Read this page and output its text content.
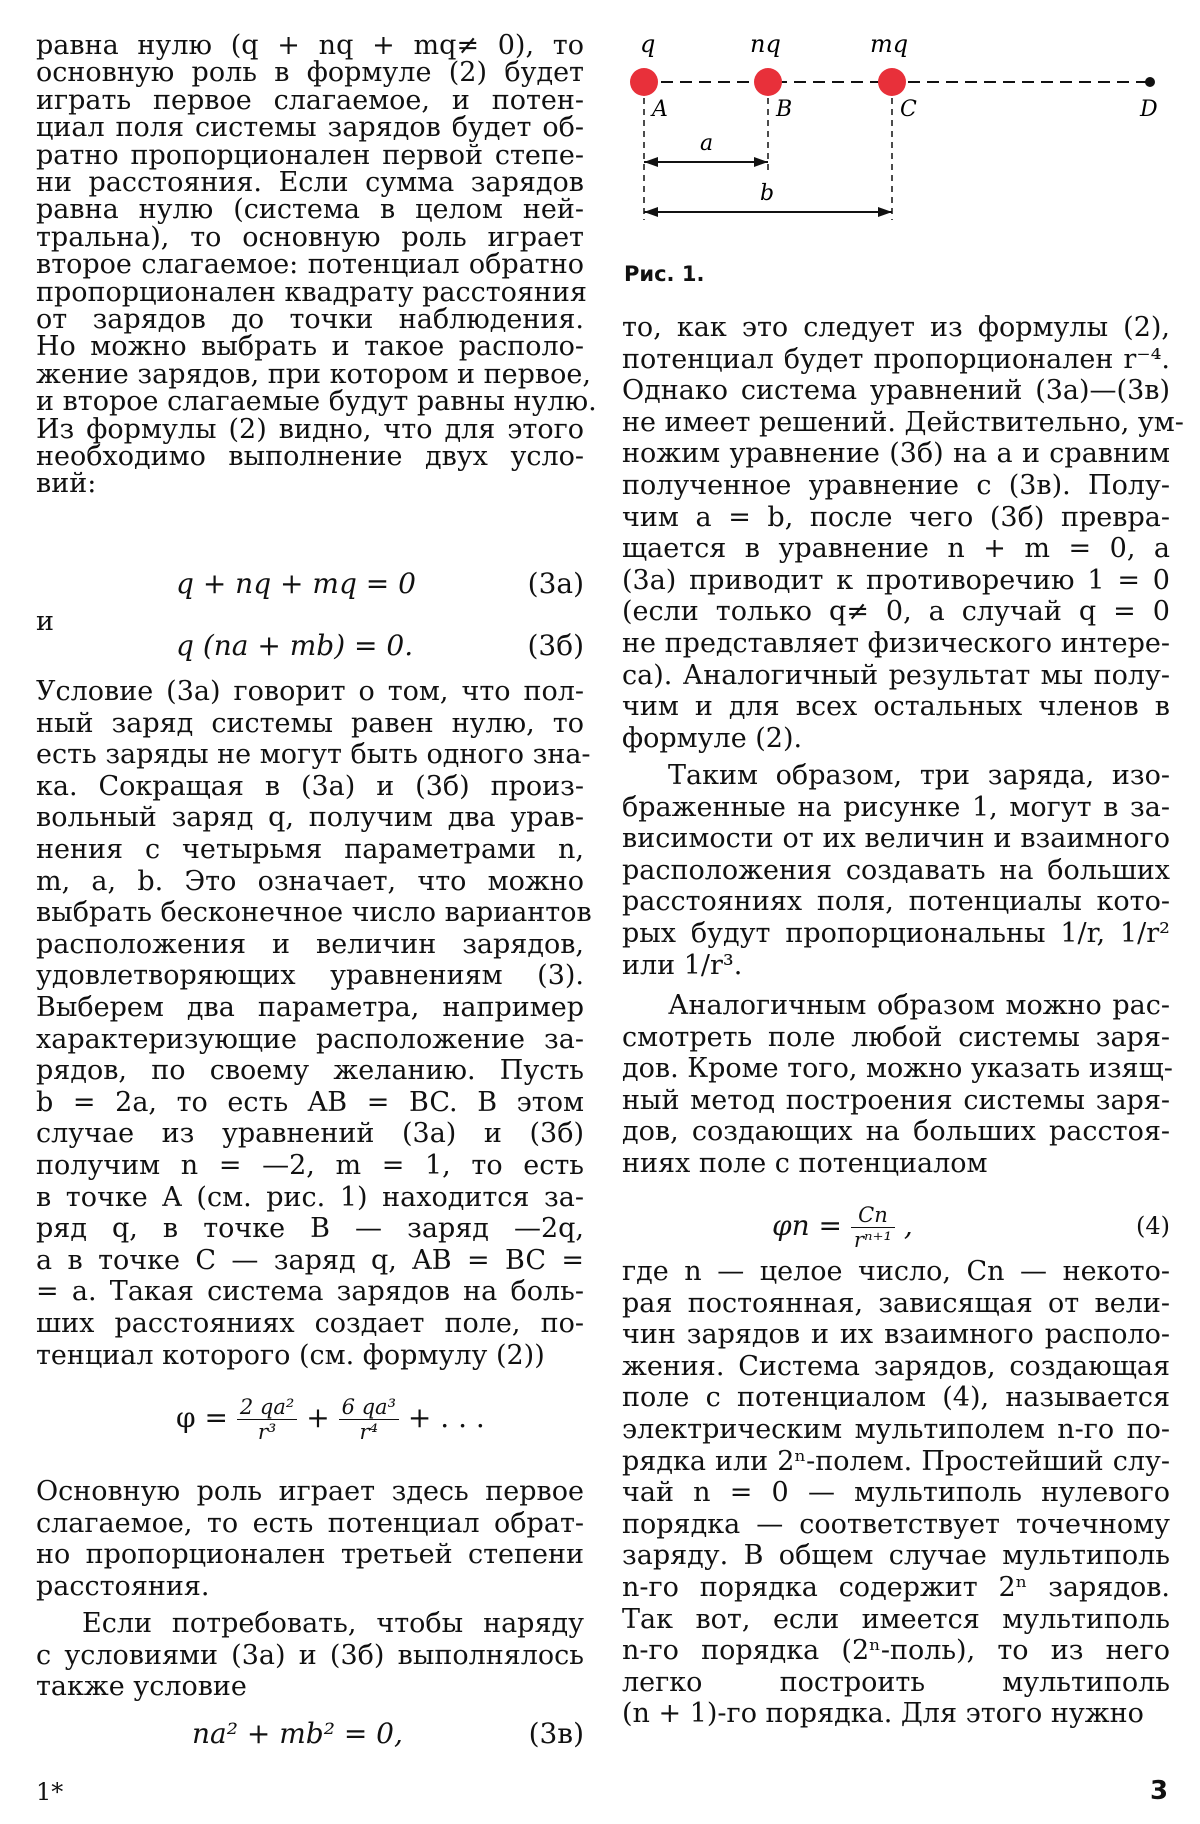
равна нулю (q + nq + mq≠ 0), то
основную роль в формуле (2) будет
играть первое слагаемое, и потен-
циал поля системы зарядов будет об-
ратно пропорционален первой степе-
ни расстояния. Если сумма зарядов
равна нулю (система в целом ней-
тральна), то основную роль играет
второе слагаемое: потенциал обратно
пропорционален квадрату расстояния
от зарядов до точки наблюдения.
Но можно выбрать и такое располо-
жение зарядов, при котором и первое,
и второе слагаемые будут равны нулю.
Из формулы (2) видно, что для этого
необходимо выполнение двух усло-
вий:
q + nq + mq = 0	(3а)
и
q (na + mb) = 0.	(3б)
Условие (3а) говорит о том, что пол-
ный заряд системы равен нулю, то
есть заряды не могут быть одного зна-
ка. Сокращая в (3а) и (3б) произ-
вольный заряд q, получим два урав-
нения с четырьмя параметрами n,
m, a, b. Это означает, что можно
выбрать бесконечное число вариантов
расположения и величин зарядов,
удовлетворяющих уравнениям (3).
Выберем два параметра, например
характеризующие расположение за-
рядов, по своему желанию. Пусть
b = 2a, то есть AB = BC. В этом
случае из уравнений (3а) и (3б)
получим n = —2, m = 1, то есть
в точке A (см. рис. 1) находится за-
ряд q, в точке B — заряд —2q,
а в точке C — заряд q, AB = BC =
= a. Такая система зарядов на боль-
ших расстояниях создает поле, по-
тенциал которого (см. формулу (2))
$\varphi = \frac{\text{2 qa²}}{\text{r³}} + \frac{\text{6 qa³}}{\text{r⁴}}$ + . . .
Основную роль играет здесь первое
слагаемое, то есть потенциал обрат-
но пропорционален третьей степени
расстояния.
Если потребовать, чтобы наряду
с условиями (3а) и (3б) выполнялось
также условие
na² + mb² = 0,	(3в)
q	nq	mq
A	B	C	D
a
b
Рис. 1.
то, как это следует из формулы (2),
потенциал будет пропорционален r⁻⁴.
Однако система уравнений (3а)—(3в)
не имеет решений. Действительно, ум-
ножим уравнение (3б) на a и сравним
полученное уравнение с (3в). Полу-
чим a = b, после чего (3б) превра-
щается в уравнение n + m = 0, а
(3а) приводит к противоречию 1 = 0
(если только q≠ 0, а случай q = 0
не представляет физического интере-
са). Аналогичный результат мы полу-
чим и для всех остальных членов в
формуле (2).
Таким образом, три заряда, изо-
браженные на рисунке 1, могут в за-
висимости от их величин и взаимного
расположения создавать на больших
расстояниях поля, потенциалы кото-
рых будут пропорциональны 1/r, 1/r²
или 1/r³.
Аналогичным образом можно рас-
смотреть поле любой системы заря-
дов. Кроме того, можно указать изящ-
ный метод построения системы заря-
дов, создающих на больших расстоя-
ниях поле с потенциалом
$\varphi n = \frac{Cn}{\text{rⁿ⁺¹}}$ ,	(4)
где n — целое число, Cn — некото-
рая постоянная, зависящая от вели-
чин зарядов и их взаимного располо-
жения. Система зарядов, создающая
поле с потенциалом (4), называется
электрическим мультиполем n-го по-
рядка или 2ⁿ-полем. Простейший слу-
чай n = 0 — мультиполь нулевого
порядка — соответствует точечному
заряду. В общем случае мультиполь
n-го порядка содержит 2ⁿ зарядов.
Так вот, если имеется мультиполь
n-го порядка (2ⁿ-поль), то из него
легко построить мультиполь
(n + 1)-го порядка. Для этого нужно
1*	3
